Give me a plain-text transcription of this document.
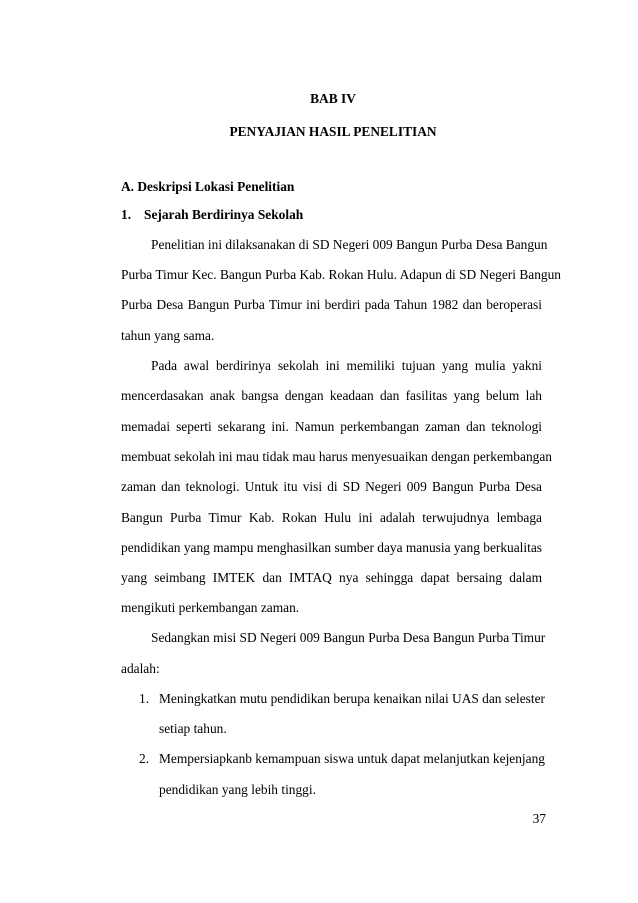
BAB IV
PENYAJIAN HASIL PENELITIAN
A. Deskripsi Lokasi Penelitian
1. Sejarah Berdirinya Sekolah
Penelitian ini dilaksanakan di SD Negeri 009 Bangun Purba Desa Bangun
Purba Timur Kec. Bangun Purba Kab. Rokan Hulu. Adapun di SD Negeri Bangun
Purba Desa Bangun Purba Timur ini berdiri pada Tahun 1982 dan beroperasi
tahun yang sama.
Pada awal berdirinya sekolah ini memiliki tujuan yang mulia yakni
mencerdasakan anak bangsa dengan keadaan dan fasilitas yang belum lah
memadai seperti sekarang ini. Namun perkembangan zaman dan teknologi
membuat sekolah ini mau tidak mau harus menyesuaikan dengan perkembangan
zaman dan teknologi. Untuk itu visi di SD Negeri 009 Bangun Purba Desa
Bangun Purba Timur Kab. Rokan Hulu ini adalah terwujudnya lembaga
pendidikan yang mampu menghasilkan sumber daya manusia yang berkualitas
yang seimbang IMTEK dan IMTAQ nya sehingga dapat bersaing dalam
mengikuti perkembangan zaman.
Sedangkan misi SD Negeri 009 Bangun Purba Desa Bangun Purba Timur
adalah:
1. Meningkatkan mutu pendidikan berupa kenaikan nilai UAS dan selester
setiap tahun.
2. Mempersiapkanb kemampuan siswa untuk dapat melanjutkan kejenjang
pendidikan yang lebih tinggi.
37
